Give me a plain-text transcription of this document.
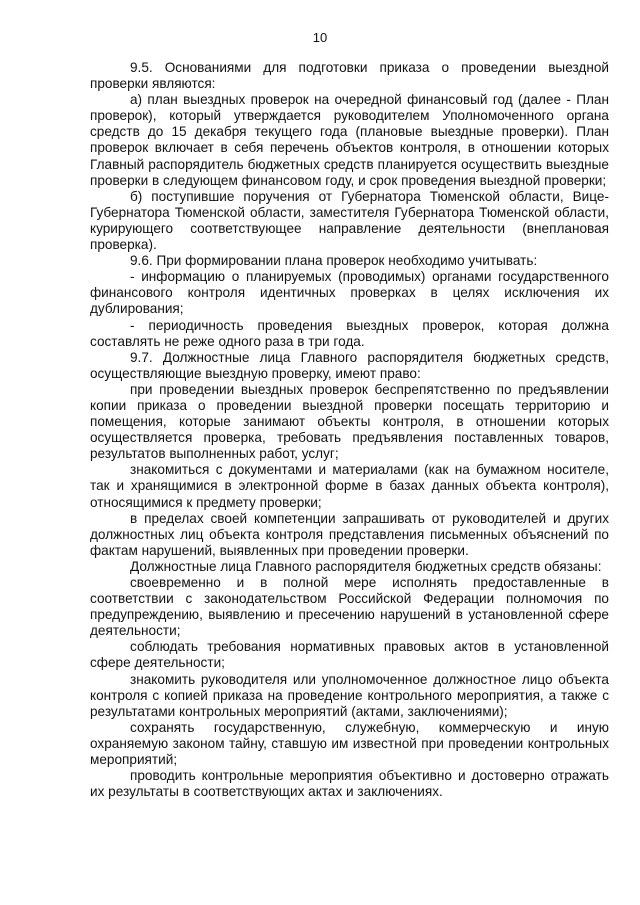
10

9.5. Основаниями для подготовки приказа о проведении выездной проверки являются:

а) план выездных проверок на очередной финансовый год (далее - План проверок), который утверждается руководителем Уполномоченного органа средств до 15 декабря текущего года (плановые выездные проверки). План проверок включает в себя перечень объектов контроля, в отношении которых Главный распорядитель бюджетных средств планируется осуществить выездные проверки в следующем финансовом году, и срок проведения выездной проверки;

б) поступившие поручения от Губернатора Тюменской области, Вице-Губернатора Тюменской области, заместителя Губернатора Тюменской области, курирующего соответствующее направление деятельности (внеплановая проверка).

9.6. При формировании плана проверок необходимо учитывать:

- информацию о планируемых (проводимых) органами государственного финансового контроля идентичных проверках в целях исключения их дублирования;

- периодичность проведения выездных проверок, которая должна составлять не реже одного раза в три года.

9.7. Должностные лица Главного распорядителя бюджетных средств, осуществляющие выездную проверку, имеют право:

при проведении выездных проверок беспрепятственно по предъявлении копии приказа о проведении выездной проверки посещать территорию и помещения, которые занимают объекты контроля, в отношении которых осуществляется проверка, требовать предъявления поставленных товаров, результатов выполненных работ, услуг;

знакомиться с документами и материалами (как на бумажном носителе, так и хранящимися в электронной форме в базах данных объекта контроля), относящимися к предмету проверки;

в пределах своей компетенции запрашивать от руководителей и других должностных лиц объекта контроля представления письменных объяснений по фактам нарушений, выявленных при проведении проверки.

Должностные лица Главного распорядителя бюджетных средств обязаны:

своевременно и в полной мере исполнять предоставленные в соответствии с законодательством Российской Федерации полномочия по предупреждению, выявлению и пресечению нарушений в установленной сфере деятельности;

соблюдать требования нормативных правовых актов в установленной сфере деятельности;

знакомить руководителя или уполномоченное должностное лицо объекта контроля с копией приказа на проведение контрольного мероприятия, а также с результатами контрольных мероприятий (актами, заключениями);

сохранять государственную, служебную, коммерческую и иную охраняемую законом тайну, ставшую им известной при проведении контрольных мероприятий;

проводить контрольные мероприятия объективно и достоверно отражать их результаты в соответствующих актах и заключениях.
